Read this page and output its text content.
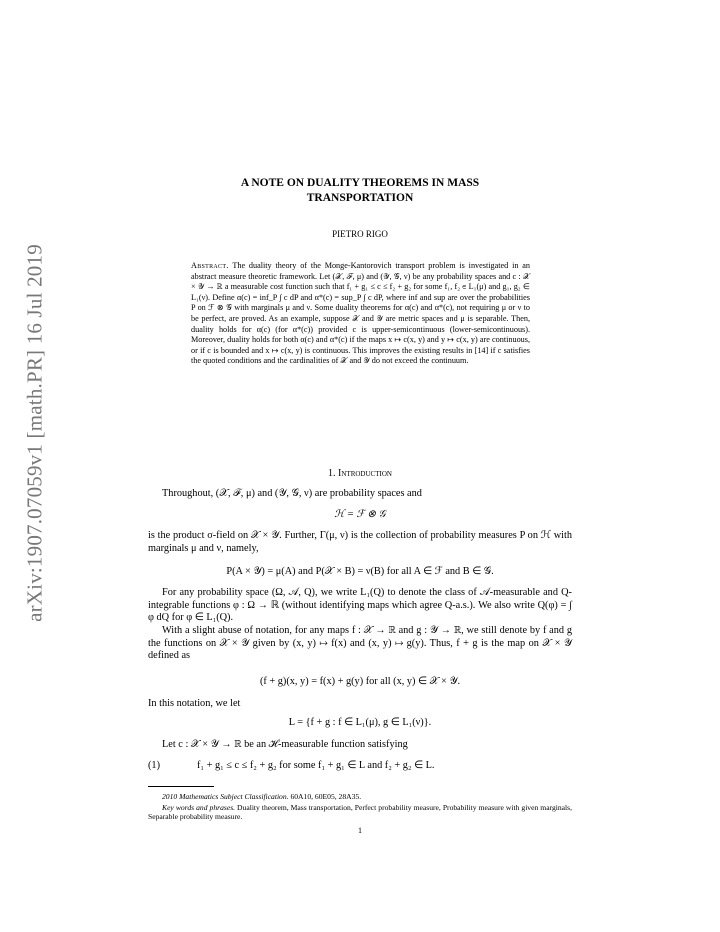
arXiv:1907.07059v1 [math.PR] 16 Jul 2019
A NOTE ON DUALITY THEOREMS IN MASS
TRANSPORTATION
PIETRO RIGO
Abstract. The duality theory of the Monge-Kantorovich transport problem is investigated in an abstract measure theoretic framework. Let (𝒳, ℱ, μ) and (𝒴, 𝒢, ν) be any probability spaces and c : 𝒳 × 𝒴 → ℝ a measurable cost function such that f₁ + g₁ ≤ c ≤ f₂ + g₂ for some f₁, f₂ ∈ L₁(μ) and g₁, g₂ ∈ L₁(ν). Define α(c) = inf_P ∫ c dP and α*(c) = sup_P ∫ c dP, where inf and sup are over the probabilities P on ℱ ⊗ 𝒢 with marginals μ and ν. Some duality theorems for α(c) and α*(c), not requiring μ or ν to be perfect, are proved. As an example, suppose 𝒳 and 𝒴 are metric spaces and μ is separable. Then, duality holds for α(c) (for α*(c)) provided c is upper-semicontinuous (lower-semicontinuous). Moreover, duality holds for both α(c) and α*(c) if the maps x ↦ c(x, y) and y ↦ c(x, y) are continuous, or if c is bounded and x ↦ c(x, y) is continuous. This improves the existing results in [14] if c satisfies the quoted conditions and the cardinalities of 𝒳 and 𝒴 do not exceed the continuum.
1. Introduction
Throughout, (𝒳, ℱ, μ) and (𝒴, 𝒢, ν) are probability spaces and
ℋ = ℱ ⊗ 𝒢
is the product σ-field on 𝒳 × 𝒴. Further, Γ(μ, ν) is the collection of probability measures P on ℋ with marginals μ and ν, namely,
P(A × 𝒴) = μ(A) and P(𝒳 × B) = ν(B) for all A ∈ ℱ and B ∈ 𝒢.
For any probability space (Ω, 𝒜, Q), we write L₁(Q) to denote the class of 𝒜-measurable and Q-integrable functions φ : Ω → ℝ (without identifying maps which agree Q-a.s.). We also write Q(φ) = ∫ φ dQ for φ ∈ L₁(Q).
With a slight abuse of notation, for any maps f : 𝒳 → ℝ and g : 𝒴 → ℝ, we still denote by f and g the functions on 𝒳 × 𝒴 given by (x, y) ↦ f(x) and (x, y) ↦ g(y). Thus, f + g is the map on 𝒳 × 𝒴 defined as
(f + g)(x, y) = f(x) + g(y) for all (x, y) ∈ 𝒳 × 𝒴.
In this notation, we let
L = {f + g : f ∈ L₁(μ), g ∈ L₁(ν)}.
Let c : 𝒳 × 𝒴 → ℝ be an ℋ-measurable function satisfying
(1)	f₁ + g₁ ≤ c ≤ f₂ + g₂ for some f₁ + g₁ ∈ L and f₂ + g₂ ∈ L.
2010 Mathematics Subject Classification. 60A10, 60E05, 28A35.
Key words and phrases. Duality theorem, Mass transportation, Perfect probability measure, Probability measure with given marginals, Separable probability measure.
1
